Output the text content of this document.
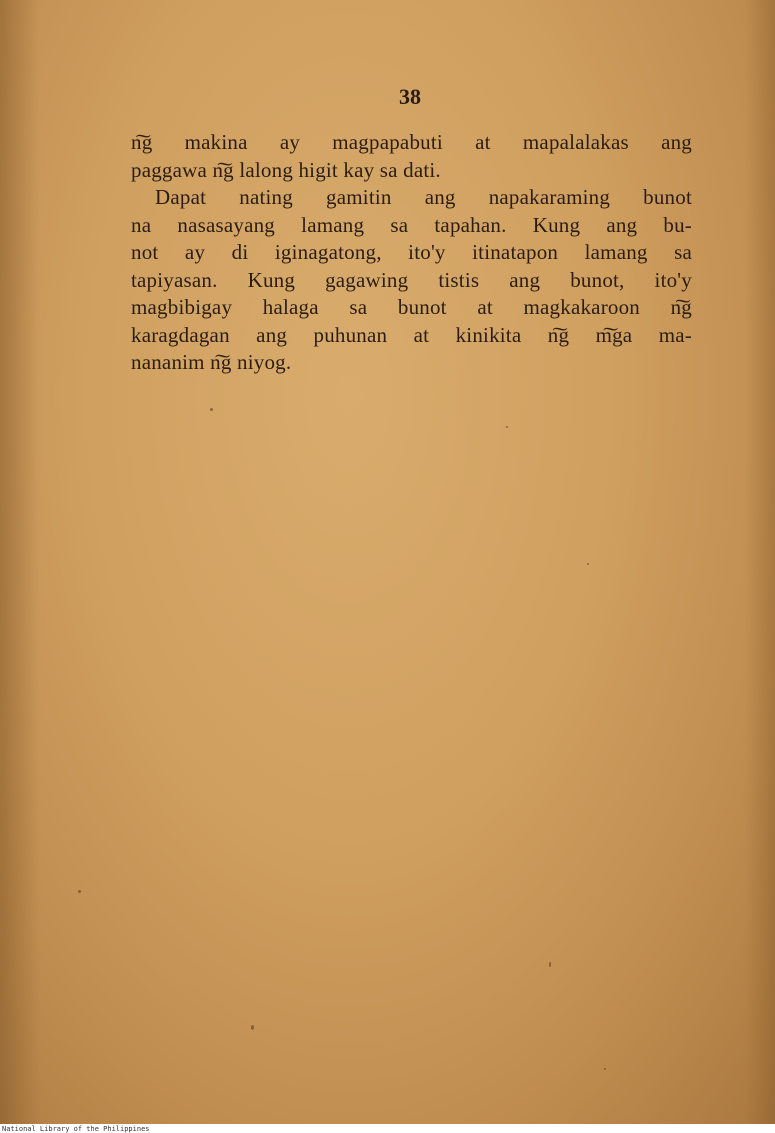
38
n͠g makina ay magpapabuti at mapalalakas ang
paggawa n͠g lalong higit kay sa dati.
Dapat nating gamitin ang napakaraming bunot
na nasasayang lamang sa tapahan. Kung ang bu-
not ay di iginagatong, ito'y itinatapon lamang sa
tapiyasan. Kung gagawing tistis ang bunot, ito'y
magbibigay halaga sa bunot at magkakaroon n͠g
karagdagan ang puhunan at kinikita n͠g m͠ga ma-
nananim n͠g niyog.
National Library of the Philippines
